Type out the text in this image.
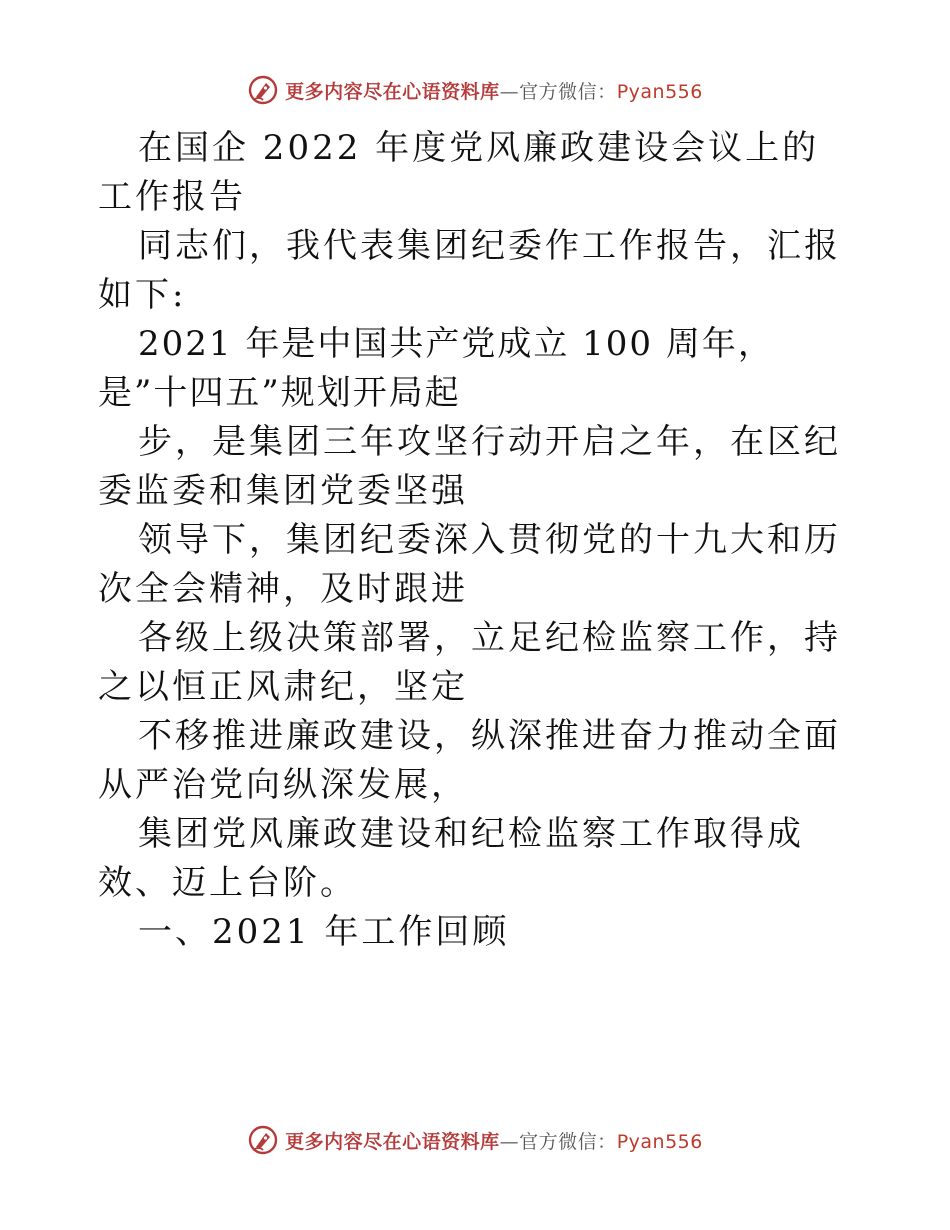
更多内容尽在心语资料库—官方微信：Pyan556

在国企 2022 年度党风廉政建设会议上的工作报告

同志们，我代表集团纪委作工作报告，汇报如下:

2021 年是中国共产党成立 100 周年，是”十四五”规划开局起

步，是集团三年攻坚行动开启之年，在区纪委监委和集团党委坚强

领导下，集团纪委深入贯彻党的十九大和历次全会精神，及时跟进

各级上级决策部署，立足纪检监察工作，持之以恒正风肃纪，坚定

不移推进廉政建设，纵深推进奋力推动全面从严治党向纵深发展，

集团党风廉政建设和纪检监察工作取得成效、迈上台阶。

一、2021 年工作回顾

更多内容尽在心语资料库—官方微信：Pyan556
